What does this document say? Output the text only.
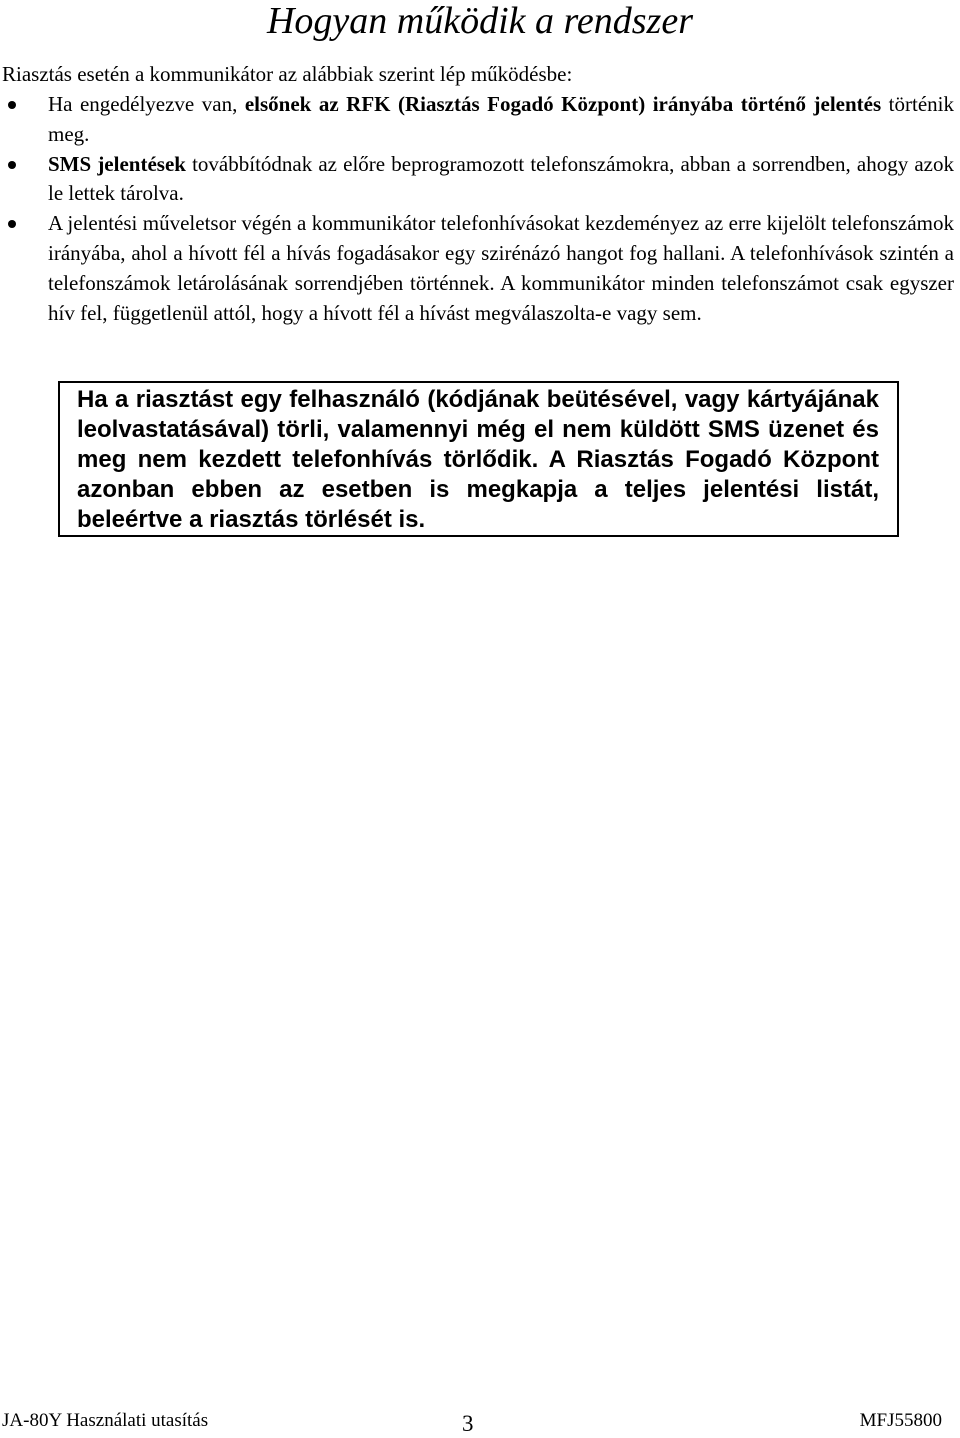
Hogyan működik a rendszer

Riasztás esetén a kommunikátor az alábbiak szerint lép működésbe:

Ha engedélyezve van, elsőnek az RFK (Riasztás Fogadó Központ) irányába történő jelentés történik meg.
SMS jelentések továbbítódnak az előre beprogramozott telefonszámokra, abban a sorrendben, ahogy azok le lettek tárolva.
A jelentési műveletsor végén a kommunikátor telefonhívásokat kezdeményez az erre kijelölt telefonszámok irányába, ahol a hívott fél a hívás fogadásakor egy szirénázó hangot fog hallani. A telefonhívások szintén a telefonszámok letárolásának sorrendjében történnek. A kommunikátor minden telefonszámot csak egyszer hív fel, függetlenül attól, hogy a hívott fél a hívást megválaszolta-e vagy sem.
Ha a riasztást egy felhasználó (kódjának beütésével, vagy kártyájának leolvastatásával) törli, valamennyi még el nem küldött SMS üzenet és meg nem kezdett telefonhívás törlődik. A Riasztás Fogadó Központ azonban ebben az esetben is megkapja a teljes jelentési listát, beleértve a riasztás törlését is.
JA-80Y Használati utasítás	3	MFJ55800
